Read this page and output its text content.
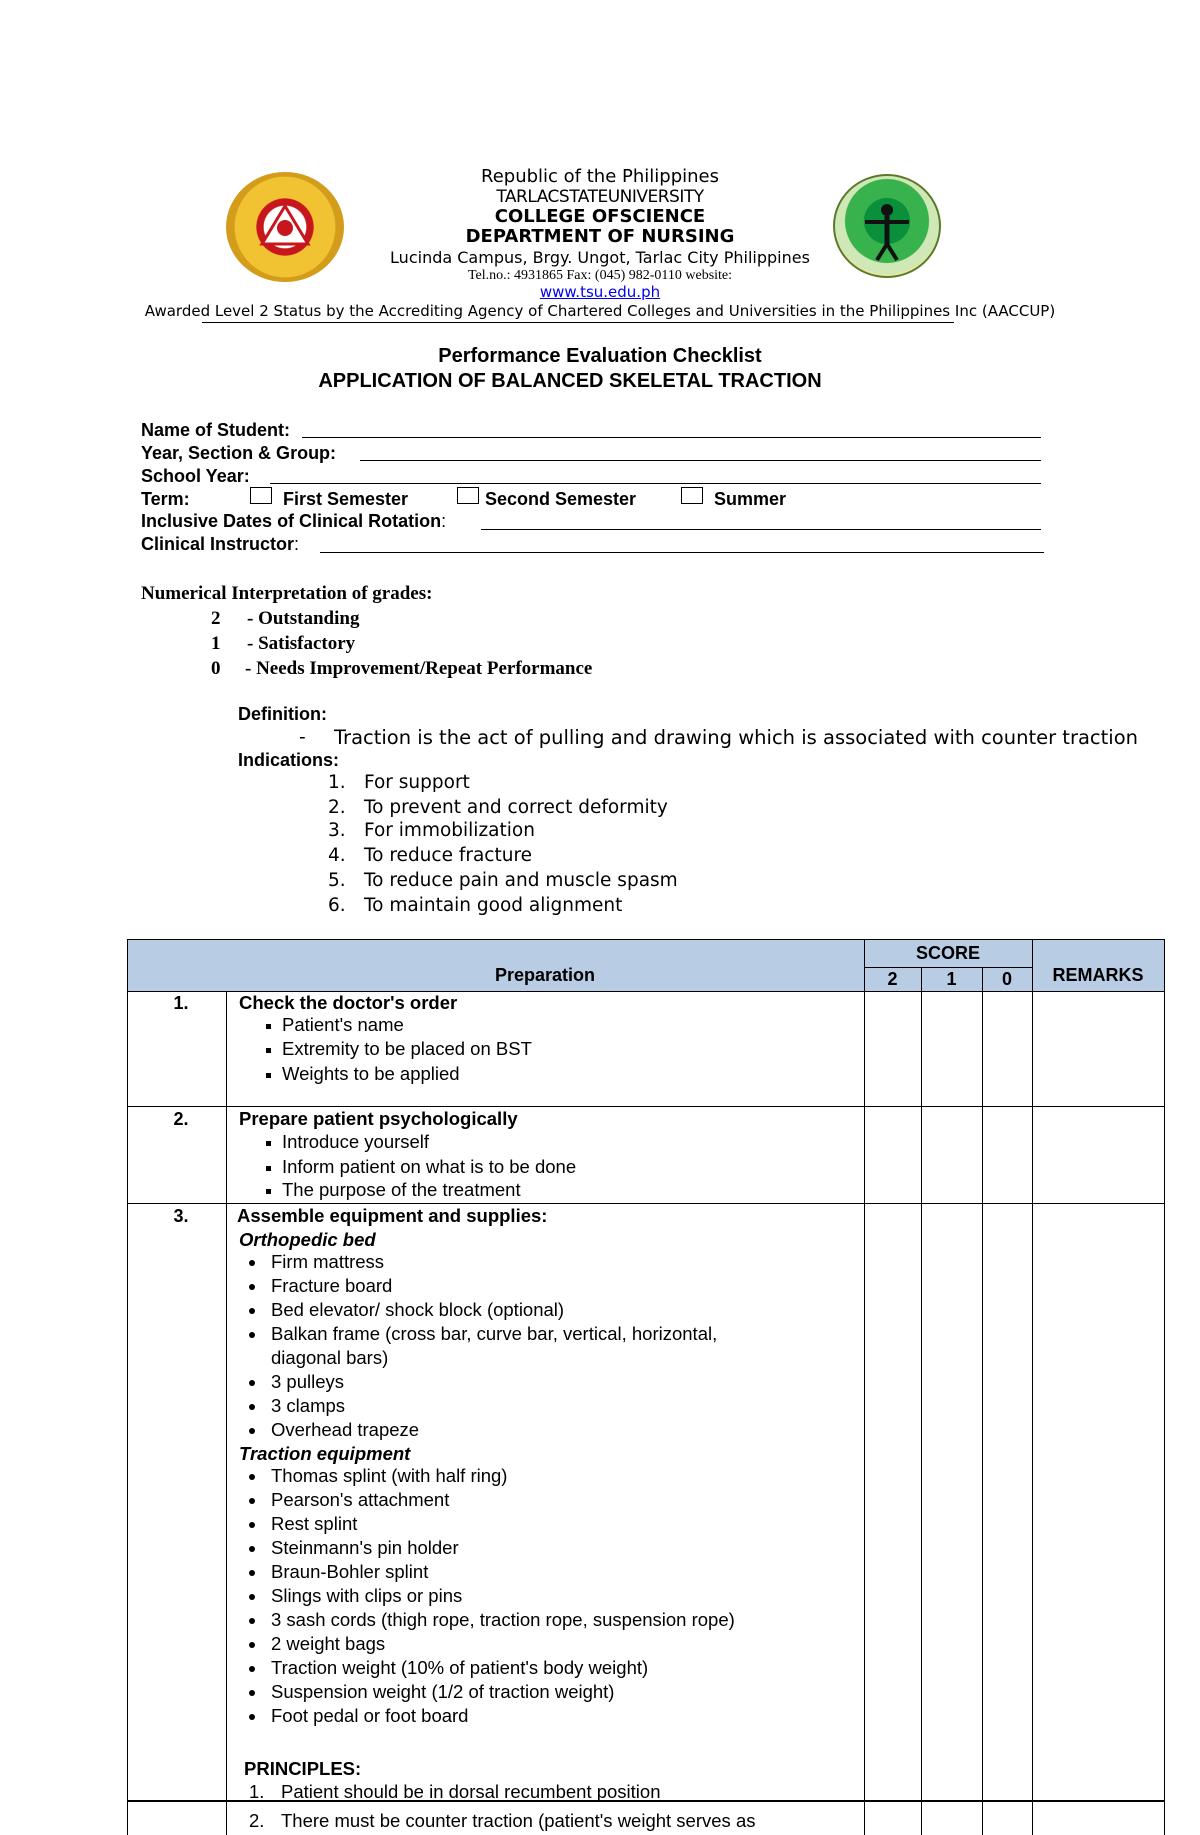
Republic of the Philippines
TARLACSTATEUNIVERSITY
COLLEGE OFSCIENCE
DEPARTMENT OF NURSING
Lucinda Campus, Brgy. Ungot, Tarlac City Philippines
Tel.no.: 4931865 Fax: (045) 982-0110 website:
www.tsu.edu.ph
Awarded Level 2 Status by the Accrediting Agency of Chartered Colleges and Universities in the Philippines Inc (AACCUP)
Performance Evaluation Checklist
APPLICATION OF BALANCED SKELETAL TRACTION
Name of Student:
Year, Section & Group:
School Year:
Term:	First Semester	Second Semester	Summer
Inclusive Dates of Clinical Rotation:
Clinical Instructor:
Numerical Interpretation of grades:
2 - Outstanding
1 - Satisfactory
0 - Needs Improvement/Repeat Performance
Definition:
- Traction is the act of pulling and drawing which is associated with counter traction
Indications:
1. For support
2. To prevent and correct deformity
3. For immobilization
4. To reduce fracture
5. To reduce pain and muscle spasm
6. To maintain good alignment
Preparation
SCORE
2	1	0	REMARKS
1.	Check the doctor's order
Patient's name
Extremity to be placed on BST
Weights to be applied
2.	Prepare patient psychologically
Introduce yourself
Inform patient on what is to be done
The purpose of the treatment
3.	Assemble equipment and supplies:
Orthopedic bed
Firm mattress
Fracture board
Bed elevator/ shock block (optional)
Balkan frame (cross bar, curve bar, vertical, horizontal,
diagonal bars)
3 pulleys
3 clamps
Overhead trapeze
Traction equipment
Thomas splint (with half ring)
Pearson's attachment
Rest splint
Steinmann's pin holder
Braun-Bohler splint
Slings with clips or pins
3 sash cords (thigh rope, traction rope, suspension rope)
2 weight bags
Traction weight (10% of patient's body weight)
Suspension weight (1/2 of traction weight)
Foot pedal or foot board
PRINCIPLES:
1. Patient should be in dorsal recumbent position
2. There must be counter traction (patient's weight serves as
